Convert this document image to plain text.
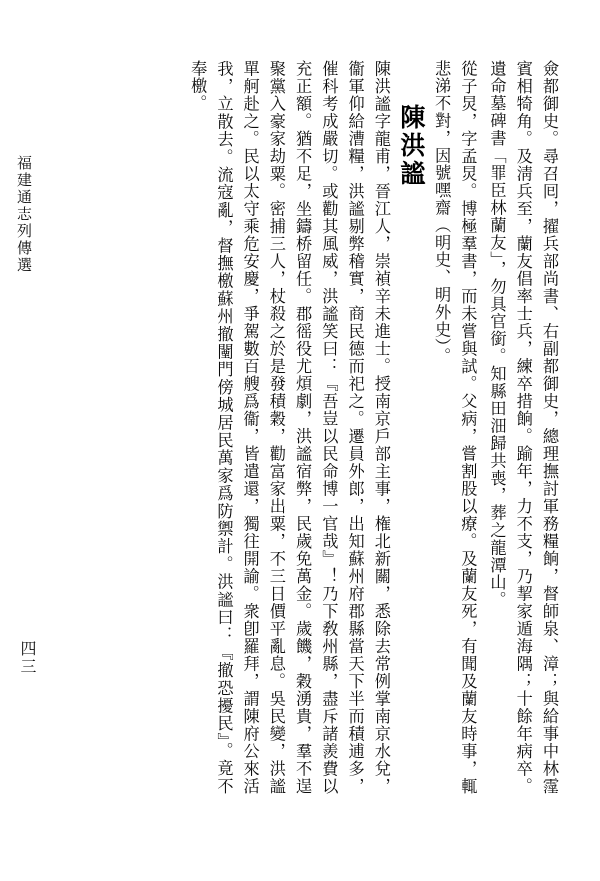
僉都御史。尋召囘，擢兵部尚書、右副都御史，總理撫討軍務糧餉，督師泉、漳；與給事中林霪賓相犄角。及淸兵至，蘭友倡率士兵，練卒措餉。踰年，力不支，乃挈家遁海隅；十餘年病卒。遺命墓碑書「罪臣林蘭友」，勿具官銜。知縣田沺歸共喪，葬之龍潭山。
從子炅，字孟炅。博極羣書，而未嘗與試。父病，嘗割股以療。及蘭友死，有聞及蘭友時事，輒悲涕不對，因號嘿齋（明史、明外史）。
陳洪謐
陳洪謐字龍甫，晉江人，崇禎辛未進士。授南京戶部主事，権北新關，悉除去常例掌南京水兌，衞軍仰給漕糧，洪謐剔弊稽實，商民德而祀之。遷員外郎，出知蘇州府郡縣當天下半而積逋多，催科考成嚴切。或勸其風威，洪謐笑曰：『吾豈以民命博一官哉』！乃下敎州縣，盡斥諸羨費以充正額。猶不足，坐鑄桥留任。郡徭役尤煩劇，洪謐宿弊，民歲免萬金。歲饑，穀湧貴，羣不逞聚黨入豪家劫粟。密捕三人，杖殺之於是發積穀，勸富家出粟，不三日價平亂息。吳民變，洪謐單舸赴之。民以太守乘危安慶，爭駕數百艘爲衞，皆遣還，獨往開諭。衆卽羅拜，謂陳府公來活我，立散去。流寇亂，督撫檄蘇州撤闉門傍城居民萬家爲防禦計。洪謐曰：『撤恐擾民』。竟不奉檄。
福建通志列傳選
四三
